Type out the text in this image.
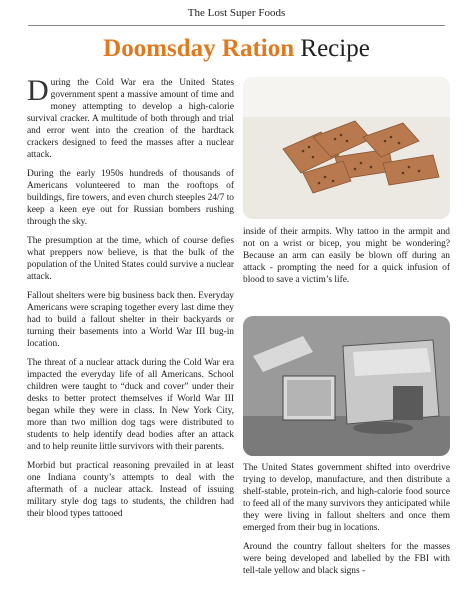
The Lost Super Foods
Doomsday Ration Recipe

During the Cold War era the United States government spent a massive amount of time and money attempting to develop a high-calorie survival cracker. A multitude of both through and trial and error went into the creation of the hardtack crackers designed to feed the masses after a nuclear attack.

During the early 1950s hundreds of thousands of Americans volunteered to man the rooftops of buildings, fire towers, and even church steeples 24/7 to keep a keen eye out for Russian bombers rushing through the sky.

The presumption at the time, which of course defies what preppers now believe, is that the bulk of the population of the United States could survive a nuclear attack.

Fallout shelters were big business back then. Everyday Americans were scraping together every last dime they had to build a fallout shelter in their backyards or turning their basements into a World War III bug-in location.

The threat of a nuclear attack during the Cold War era impacted the everyday life of all Americans. School children were taught to “duck and cover” under their desks to better protect themselves if World War III began while they were in class. In New York City, more than two million dog tags were distributed to students to help identify dead bodies after an attack and to help reunite little survivors with their parents.

Morbid but practical reasoning prevailed in at least one Indiana county’s attempts to deal with the aftermath of a nuclear attack. Instead of issuing military style dog tags to students, the children had their blood types tattooed

inside of their armpits. Why tattoo in the armpit and not on a wrist or bicep, you might be wondering? Because an arm can easily be blown off during an attack - prompting the need for a quick infusion of blood to save a victim’s life.

The United States government shifted into overdrive trying to develop, manufacture, and then distribute a shelf-stable, protein-rich, and high-calorie food source to feed all of the many survivors they anticipated while they were living in fallout shelters and once them emerged from their bug in locations.

Around the country fallout shelters for the masses were being developed and labelled by the FBI with tell-tale yellow and black signs -
